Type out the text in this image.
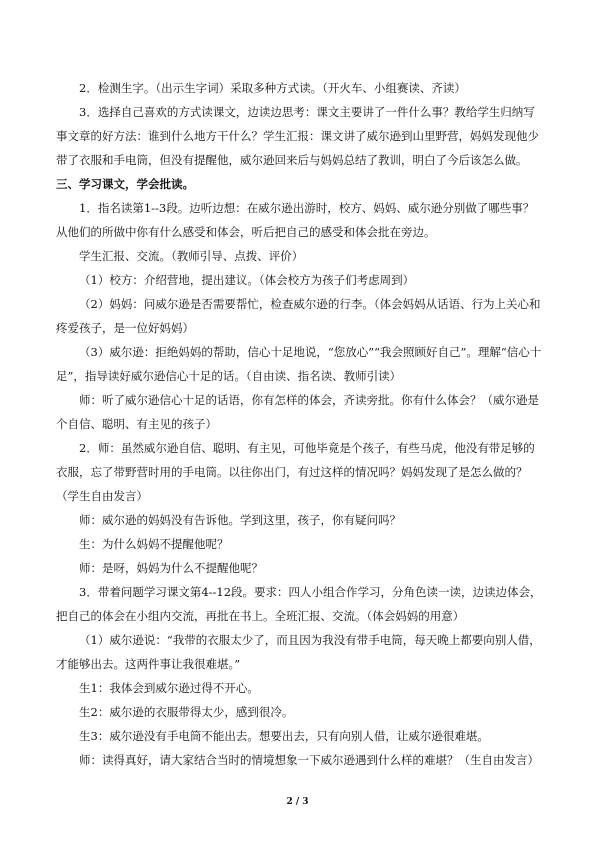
2．检测生字。（出示生字词）采取多种方式读。（开火车、小组赛读、齐读）

3．选择自己喜欢的方式读课文，边读边思考：课文主要讲了一件什么事？教给学生归纳写事文章的好方法：谁到什么地方干什么？学生汇报：课文讲了威尔逊到山里野营，妈妈发现他少带了衣服和手电筒，但没有提醒他，威尔逊回来后与妈妈总结了教训，明白了今后该怎么做。

三、学习课文，学会批读。

1．指名读第1--3段。边听边想：在威尔逊出游时，校方、妈妈、威尔逊分别做了哪些事？从他们的所做中你有什么感受和体会，听后把自己的感受和体会批在旁边。

学生汇报、交流。（教师引导、点拨、评价）

（1）校方：介绍营地，提出建议。（体会校方为孩子们考虑周到）

（2）妈妈：问威尔逊是否需要帮忙，检查威尔逊的行李。（体会妈妈从话语、行为上关心和疼爱孩子，是一位好妈妈）

（3）威尔逊：拒绝妈妈的帮助，信心十足地说，“您放心”“我会照顾好自己”。理解“信心十足”，指导读好威尔逊信心十足的话。（自由读、指名读、教师引读）

师：听了威尔逊信心十足的话语，你有怎样的体会，齐读旁批。你有什么体会？（威尔逊是个自信、聪明、有主见的孩子）

2．师：虽然威尔逊自信、聪明、有主见，可他毕竟是个孩子，有些马虎，他没有带足够的衣服，忘了带野营时用的手电筒。以往你出门，有过这样的情况吗？妈妈发现了是怎么做的？（学生自由发言）

师：威尔逊的妈妈没有告诉他。学到这里，孩子，你有疑问吗？

生：为什么妈妈不提醒他呢？

师：是呀，妈妈为什么不提醒他呢？

3．带着问题学习课文第4--12段。要求：四人小组合作学习，分角色读一读，边读边体会，把自己的体会在小组内交流，再批在书上。全班汇报、交流。（体会妈妈的用意）

（1）威尔逊说：“我带的衣服太少了，而且因为我没有带手电筒，每天晚上都要向别人借，才能够出去。这两件事让我很难堪。”

生1：我体会到威尔逊过得不开心。

生2：威尔逊的衣服带得太少，感到很冷。

生3：威尔逊没有手电筒不能出去。想要出去，只有向别人借，让威尔逊很难堪。

师：读得真好，请大家结合当时的情境想象一下威尔逊遇到什么样的难堪？（生自由发言）

2 / 3
